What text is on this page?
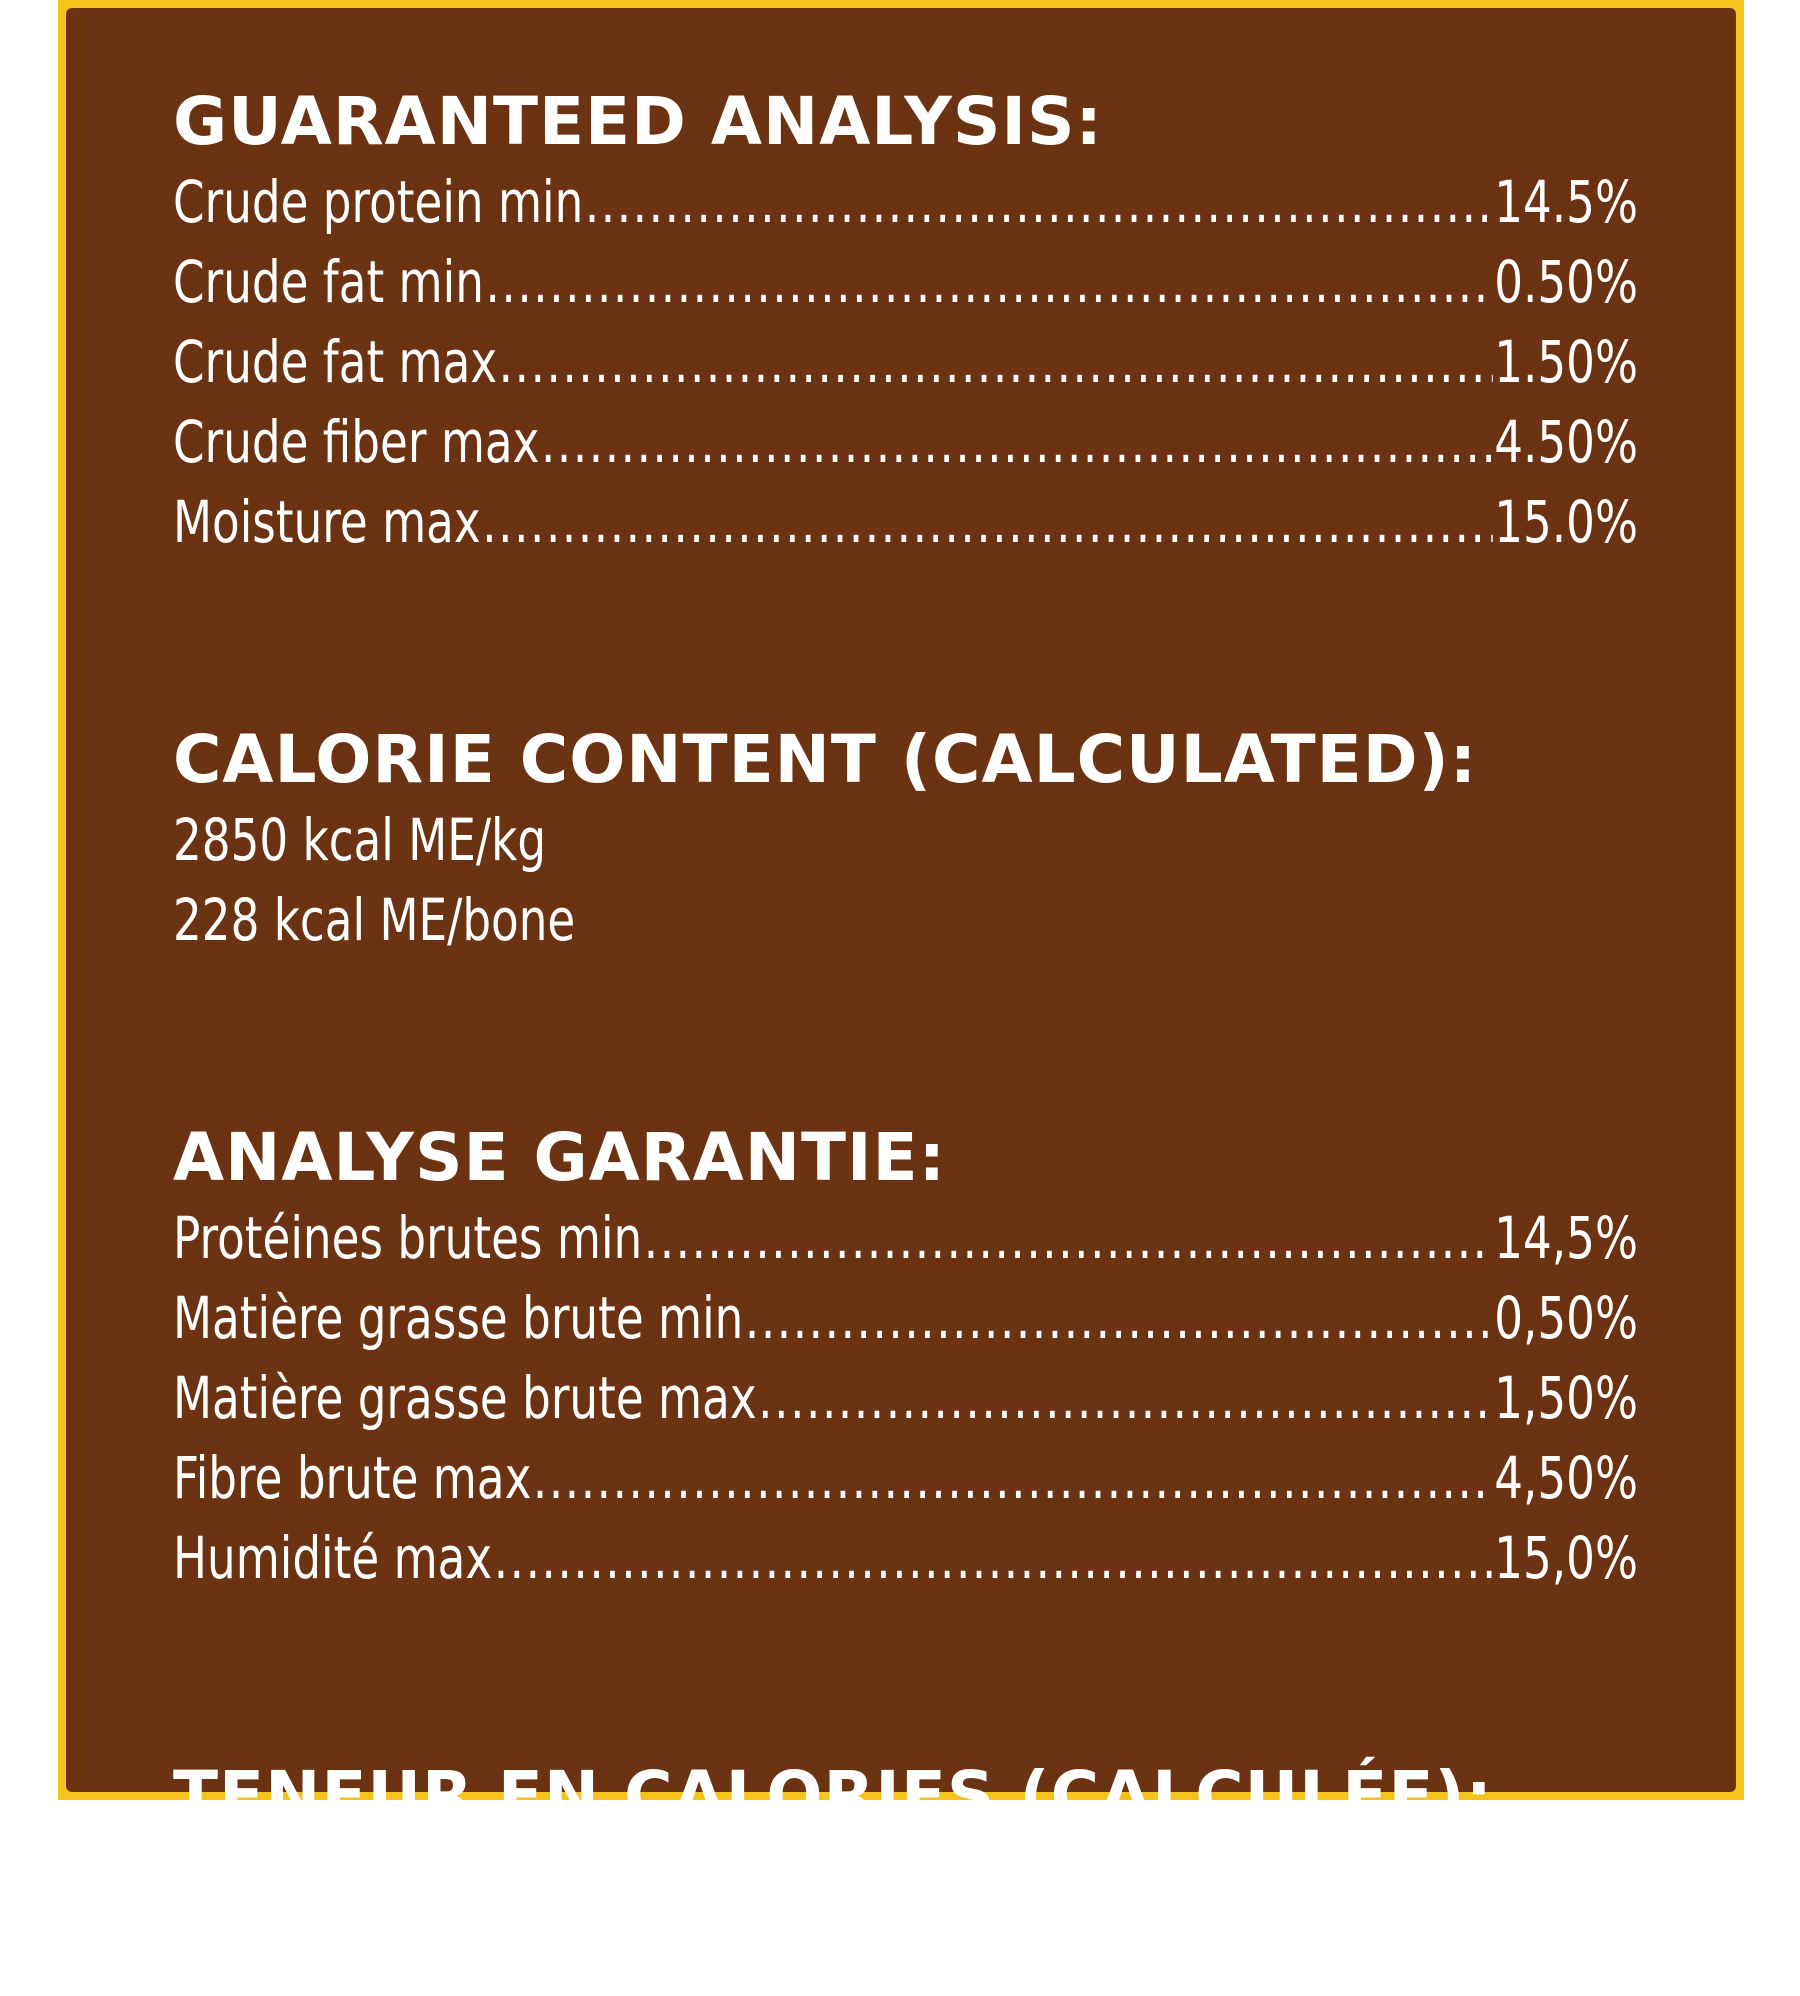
GUARANTEED ANALYSIS:
Crude protein min .....	14.5%
Crude fat min .....	0.50%
Crude fat max .....	1.50%
Crude fiber max .....	4.50%
Moisture max .....	15.0%
CALORIE CONTENT (CALCULATED):
2850 kcal ME/kg
228 kcal ME/bone
ANALYSE GARANTIE:
Protéines brutes min .....	14,5%
Matière grasse brute min .....	0,50%
Matière grasse brute max .....	1,50%
Fibre brute max .....	4,50%
Humidité max .....	15,0%
TENEUR EN CALORIES (CALCULÉE):
2850 kcal ME/kg
228 kcal ME/os
